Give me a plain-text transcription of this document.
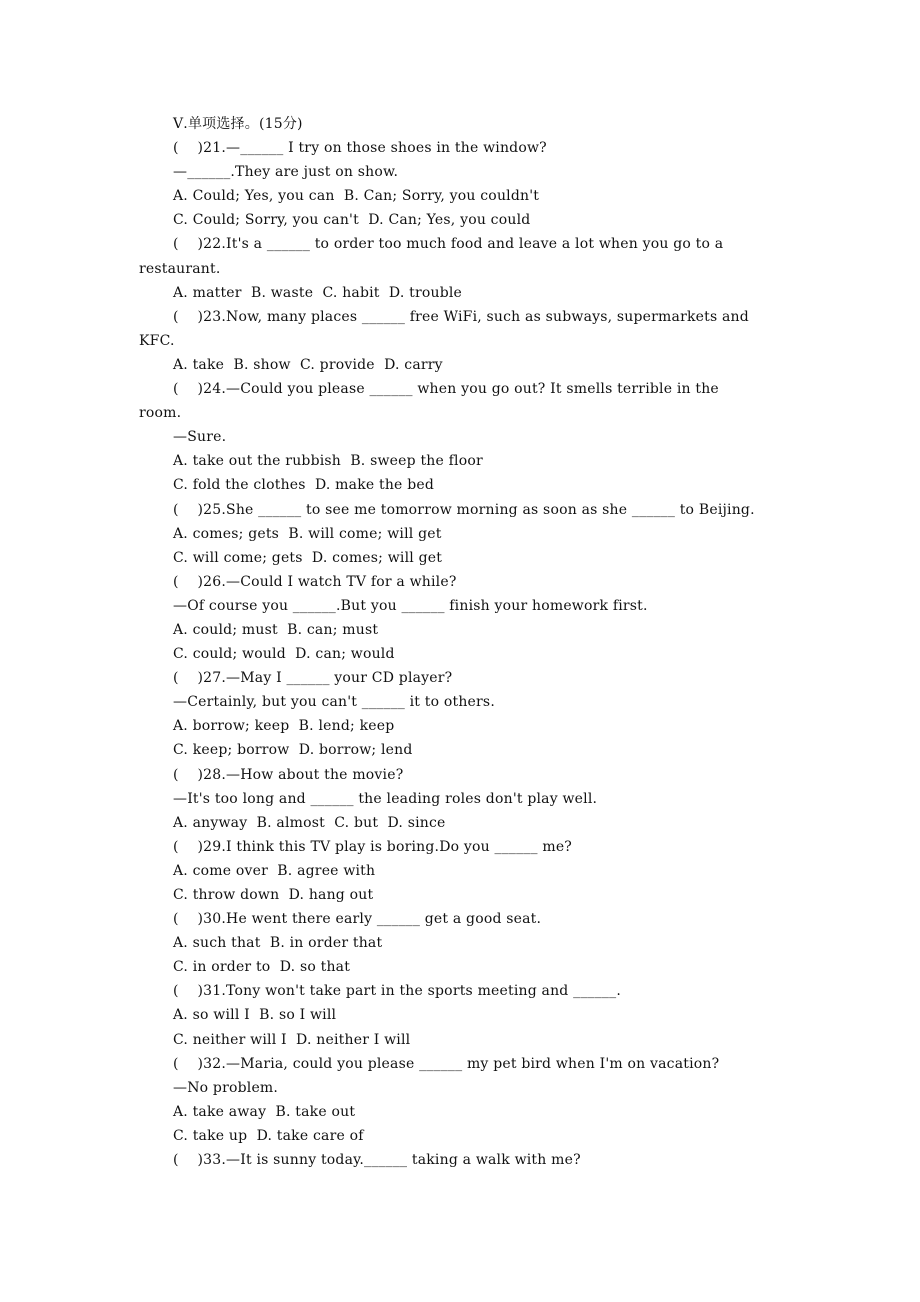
Ⅴ.单项选择。(15分)
(　 )21.—______ I try on those shoes in the window?
—______.They are just on show.
A. Could; Yes, you can  B. Can; Sorry, you couldn't
C. Could; Sorry, you can't  D. Can; Yes, you could
(　 )22.It's a ______ to order too much food and leave a lot when you go to a
restaurant.
A. matter  B. waste  C. habit  D. trouble
(　 )23.Now, many places ______ free WiFi, such as subways, supermarkets and
KFC.
A. take  B. show  C. provide  D. carry
(　 )24.—Could you please ______ when you go out? It smells terrible in the
room.
—Sure.
A. take out the rubbish  B. sweep the floor
C. fold the clothes  D. make the bed
(　 )25.She ______ to see me tomorrow morning as soon as she ______ to Beijing.
A. comes; gets  B. will come; will get
C. will come; gets  D. comes; will get
(　 )26.—Could I watch TV for a while?
—Of course you ______.But you ______ finish your homework first.
A. could; must  B. can; must
C. could; would  D. can; would
(　 )27.—May I ______ your CD player?
—Certainly, but you can't ______ it to others.
A. borrow; keep  B. lend; keep
C. keep; borrow  D. borrow; lend
(　 )28.—How about the movie?
—It's too long and ______ the leading roles don't play well.
A. anyway  B. almost  C. but  D. since
(　 )29.I think this TV play is boring.Do you ______ me?
A. come over  B. agree with
C. throw down  D. hang out
(　 )30.He went there early ______ get a good seat.
A. such that  B. in order that
C. in order to  D. so that
(　 )31.Tony won't take part in the sports meeting and ______.
A. so will I  B. so I will
C. neither will I  D. neither I will
(　 )32.—Maria, could you please ______ my pet bird when I'm on vacation?
—No problem.
A. take away  B. take out
C. take up  D. take care of
(　 )33.—It is sunny today.______ taking a walk with me?
